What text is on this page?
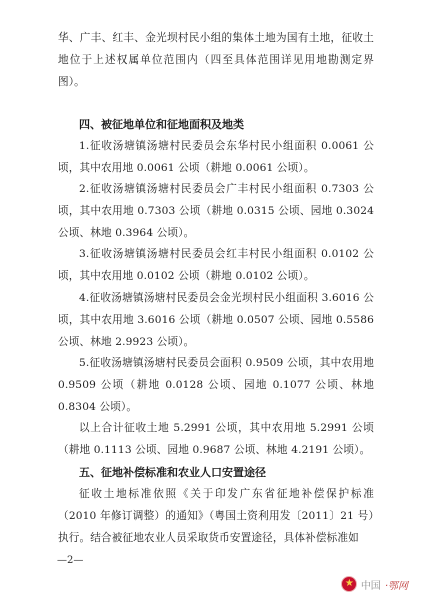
华、广丰、红丰、金光坝村民小组的集体土地为国有土地，征收土地位于上述权属单位范围内（四至具体范围详见用地勘测定界图）。

四、被征地单位和征地面积及地类

1.征收汤塘镇汤塘村民委员会东华村民小组面积 0.0061 公顷，其中农用地 0.0061 公顷（耕地 0.0061 公顷）。

2.征收汤塘镇汤塘村民委员会广丰村民小组面积 0.7303 公顷，其中农用地 0.7303 公顷（耕地 0.0315 公顷、园地 0.3024 公顷、林地 0.3964 公顷）。

3.征收汤塘镇汤塘村民委员会红丰村民小组面积 0.0102 公顷，其中农用地 0.0102 公顷（耕地 0.0102 公顷）。

4.征收汤塘镇汤塘村民委员会金光坝村民小组面积 3.6016 公顷，其中农用地 3.6016 公顷（耕地 0.0507 公顷、园地 0.5586 公顷、林地 2.9923 公顷）。

5.征收汤塘镇汤塘村民委员会面积 0.9509 公顷，其中农用地 0.9509 公顷（耕地 0.0128 公顷、园地 0.1077 公顷、林地 0.8304 公顷）。

以上合计征收土地 5.2991 公顷，其中农用地 5.2991 公顷（耕地 0.1113 公顷、园地 0.9687 公顷、林地 4.2191 公顷）。

五、征地补偿标准和农业人口安置途径

征收土地标准依照《关于印发广东省征地补偿保护标准（2010 年修订调整）的通知》（粤国土资利用发〔2011〕21 号）执行。结合被征地农业人员采取货币安置途径，具体补偿标准如

—2—
★
中国 ·鄂网
